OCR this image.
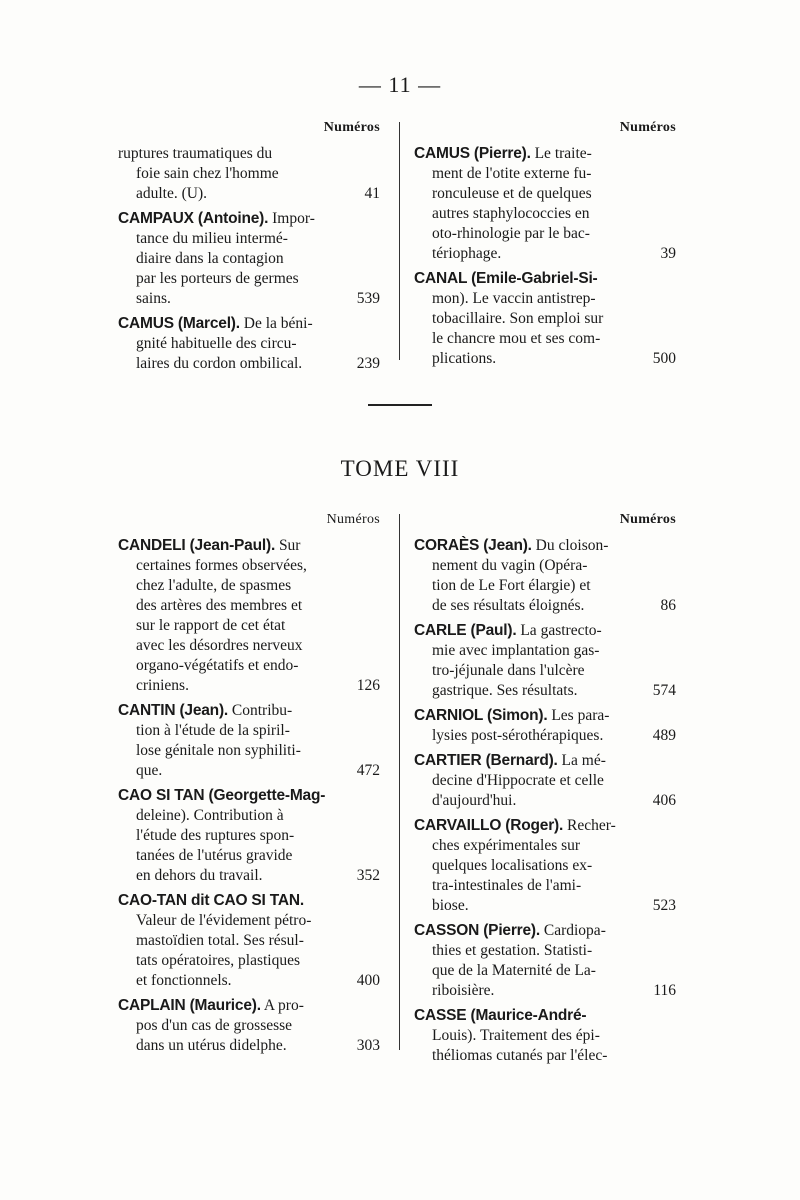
— 11 —
Numéros
ruptures traumatiques du
foie sain chez l'homme
adulte. (U).	41
CAMPAUX (Antoine). Impor-
tance du milieu intermé-
diaire dans la contagion
par les porteurs de germes
sains.	539
CAMUS (Marcel). De la béni-
gnité habituelle des circu-
laires du cordon ombilical.	239
Numéros
CAMUS (Pierre). Le traite-
ment de l'otite externe fu-
ronculeuse et de quelques
autres staphylococcies en
oto-rhinologie par le bac-
tériophage.	39
CANAL (Emile-Gabriel-Si-
mon). Le vaccin antistrep-
tobacillaire. Son emploi sur
le chancre mou et ses com-
plications.	500
TOME VIII
Numéros
CANDELI (Jean-Paul). Sur
certaines formes observées,
chez l'adulte, de spasmes
des artères des membres et
sur le rapport de cet état
avec les désordres nerveux
organo-végétatifs et endo-
criniens.	126
CANTIN (Jean). Contribu-
tion à l'étude de la spiril-
lose génitale non syphiliti-
que.	472
CAO SI TAN (Georgette-Mag-
deleine). Contribution à
l'étude des ruptures spon-
tanées de l'utérus gravide
en dehors du travail.	352
CAO-TAN dit CAO SI TAN.
Valeur de l'évidement pétro-
mastoïdien total. Ses résul-
tats opératoires, plastiques
et fonctionnels.	400
CAPLAIN (Maurice). A pro-
pos d'un cas de grossesse
dans un utérus didelphe.	303
Numéros
CORAÈS (Jean). Du cloison-
nement du vagin (Opéra-
tion de Le Fort élargie) et
de ses résultats éloignés.	86
CARLE (Paul). La gastrecto-
mie avec implantation gas-
tro-jéjunale dans l'ulcère
gastrique. Ses résultats.	574
CARNIOL (Simon). Les para-
lysies post-sérothérapiques.	489
CARTIER (Bernard). La mé-
decine d'Hippocrate et celle
d'aujourd'hui.	406
CARVAILLO (Roger). Recher-
ches expérimentales sur
quelques localisations ex-
tra-intestinales de l'ami-
biose.	523
CASSON (Pierre). Cardiopa-
thies et gestation. Statisti-
que de la Maternité de La-
riboisière.	116
CASSE (Maurice-André-
Louis). Traitement des épi-
théliomas cutanés par l'élec-
